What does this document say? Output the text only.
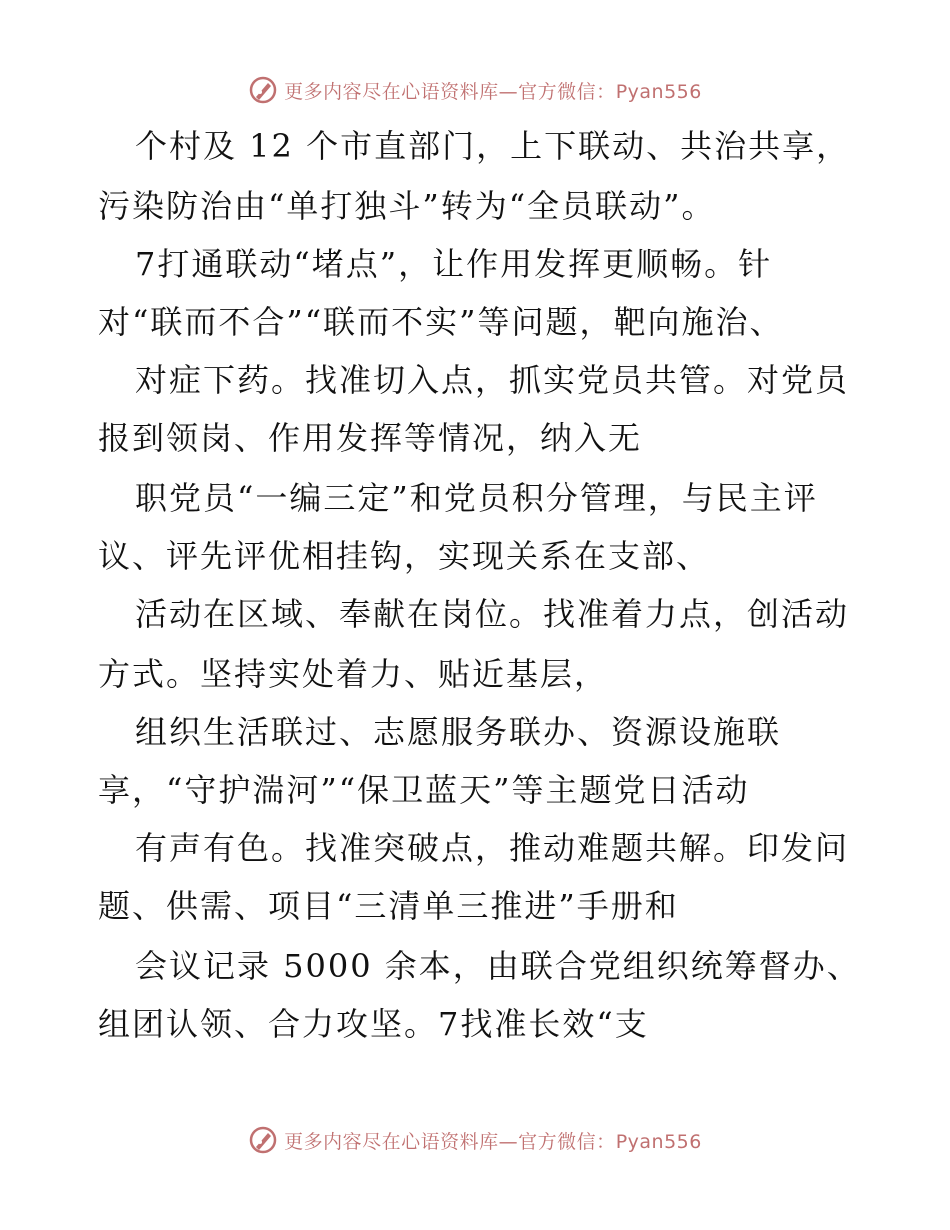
更多内容尽在心语资料库—官方微信：Pyan556
个村及 12 个市直部门，上下联动、共治共享，
污染防治由“单打独斗”转为“全员联动”。
7打通联动“堵点”，让作用发挥更顺畅。针
对“联而不合”“联而不实”等问题，靶向施治、
对症下药。找准切入点，抓实党员共管。对党员
报到领岗、作用发挥等情况，纳入无
职党员“一编三定”和党员积分管理，与民主评
议、评先评优相挂钩，实现关系在支部、
活动在区域、奉献在岗位。找准着力点，创活动
方式。坚持实处着力、贴近基层，
组织生活联过、志愿服务联办、资源设施联
享，“守护湍河”“保卫蓝天”等主题党日活动
有声有色。找准突破点，推动难题共解。印发问
题、供需、项目“三清单三推进”手册和
会议记录 5000 余本，由联合党组织统筹督办、
组团认领、合力攻坚。7找准长效“支
更多内容尽在心语资料库—官方微信：Pyan556
